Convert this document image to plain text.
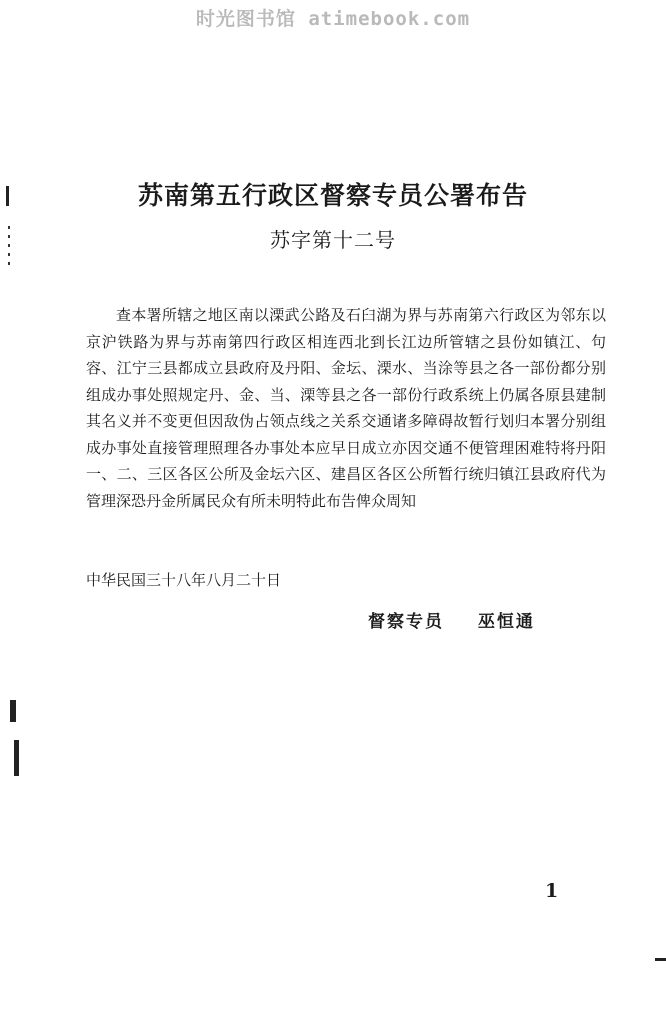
时光图书馆 atimebook.com
苏南第五行政区督察专员公署布告
苏字第十二号

查本署所辖之地区南以溧武公路及石臼湖为界与苏南第六行政区为邻东以京沪铁路为界与苏南第四行政区相连西北到长江边所管辖之县份如镇江、句容、江宁三县都成立县政府及丹阳、金坛、溧水、当涂等县之各一部份都分别组成办事处照规定丹、金、当、溧等县之各一部份行政系统上仍属各原县建制其名义并不变更但因敌伪占领点线之关系交通诸多障碍故暂行划归本署分别组成办事处直接管理照理各办事处本应早日成立亦因交通不便管理困难特将丹阳一、二、三区各区公所及金坛六区、建昌区各区公所暂行统归镇江县政府代为管理深恐丹金所属民众有所未明特此布告俾众周知

中华民国三十八年八月二十日
督察专员 巫恒通
1
